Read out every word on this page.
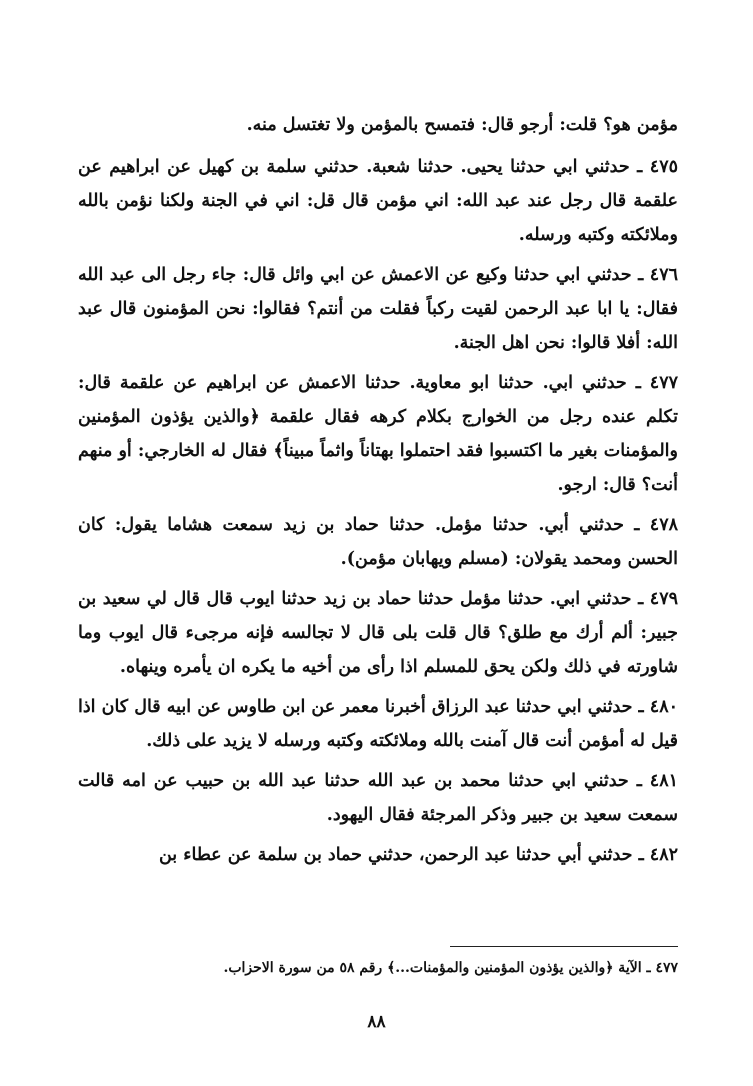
مؤمن هو؟ قلت: أرجو قال: فتمسح بالمؤمن ولا تغتسل منه.

٤٧٥ ـ حدثني ابي حدثنا يحيى. حدثنا شعبة. حدثني سلمة بن كهيل عن ابراهيم عن علقمة قال رجل عند عبد الله: اني مؤمن قال قل: اني في الجنة ولكنا نؤمن بالله وملائكته وكتبه ورسله.

٤٧٦ ـ حدثني ابي حدثنا وكيع عن الاعمش عن ابي وائل قال: جاء رجل الى عبد الله فقال: يا ابا عبد الرحمن لقيت ركباً فقلت من أنتم؟ فقالوا: نحن المؤمنون قال عبد الله: أفلا قالوا: نحن اهل الجنة.

٤٧٧ ـ حدثني ابي. حدثنا ابو معاوية. حدثنا الاعمش عن ابراهيم عن علقمة قال: تكلم عنده رجل من الخوارج بكلام كرهه فقال علقمة ﴿والذين يؤذون المؤمنين والمؤمنات بغير ما اكتسبوا فقد احتملوا بهتاناً واثماً مبيناً﴾ فقال له الخارجي: أو منهم أنت؟ قال: ارجو.

٤٧٨ ـ حدثني أبي. حدثنا مؤمل. حدثنا حماد بن زيد سمعت هشاما يقول: كان الحسن ومحمد يقولان: (مسلم ويهابان مؤمن).

٤٧٩ ـ حدثني ابي. حدثنا مؤمل حدثنا حماد بن زيد حدثنا ايوب قال قال لي سعيد بن جبير: ألم أرك مع طلق؟ قال قلت بلى قال لا تجالسه فإنه مرجىء قال ايوب وما شاورته في ذلك ولكن يحق للمسلم اذا رأى من أخيه ما يكره ان يأمره وينهاه.

٤٨٠ ـ حدثني ابي حدثنا عبد الرزاق أخبرنا معمر عن ابن طاوس عن ابيه قال كان اذا قيل له أمؤمن أنت قال آمنت بالله وملائكته وكتبه ورسله لا يزيد على ذلك.

٤٨١ ـ حدثني ابي حدثنا محمد بن عبد الله حدثنا عبد الله بن حبيب عن امه قالت سمعت سعيد بن جبير وذكر المرجئة فقال اليهود.

٤٨٢ ـ حدثني أبي حدثنا عبد الرحمن، حدثني حماد بن سلمة عن عطاء بن

٤٧٧ ـ الآية ﴿والذين يؤذون المؤمنين والمؤمنات...﴾ رقم ٥٨ من سورة الاحزاب.
٨٨
